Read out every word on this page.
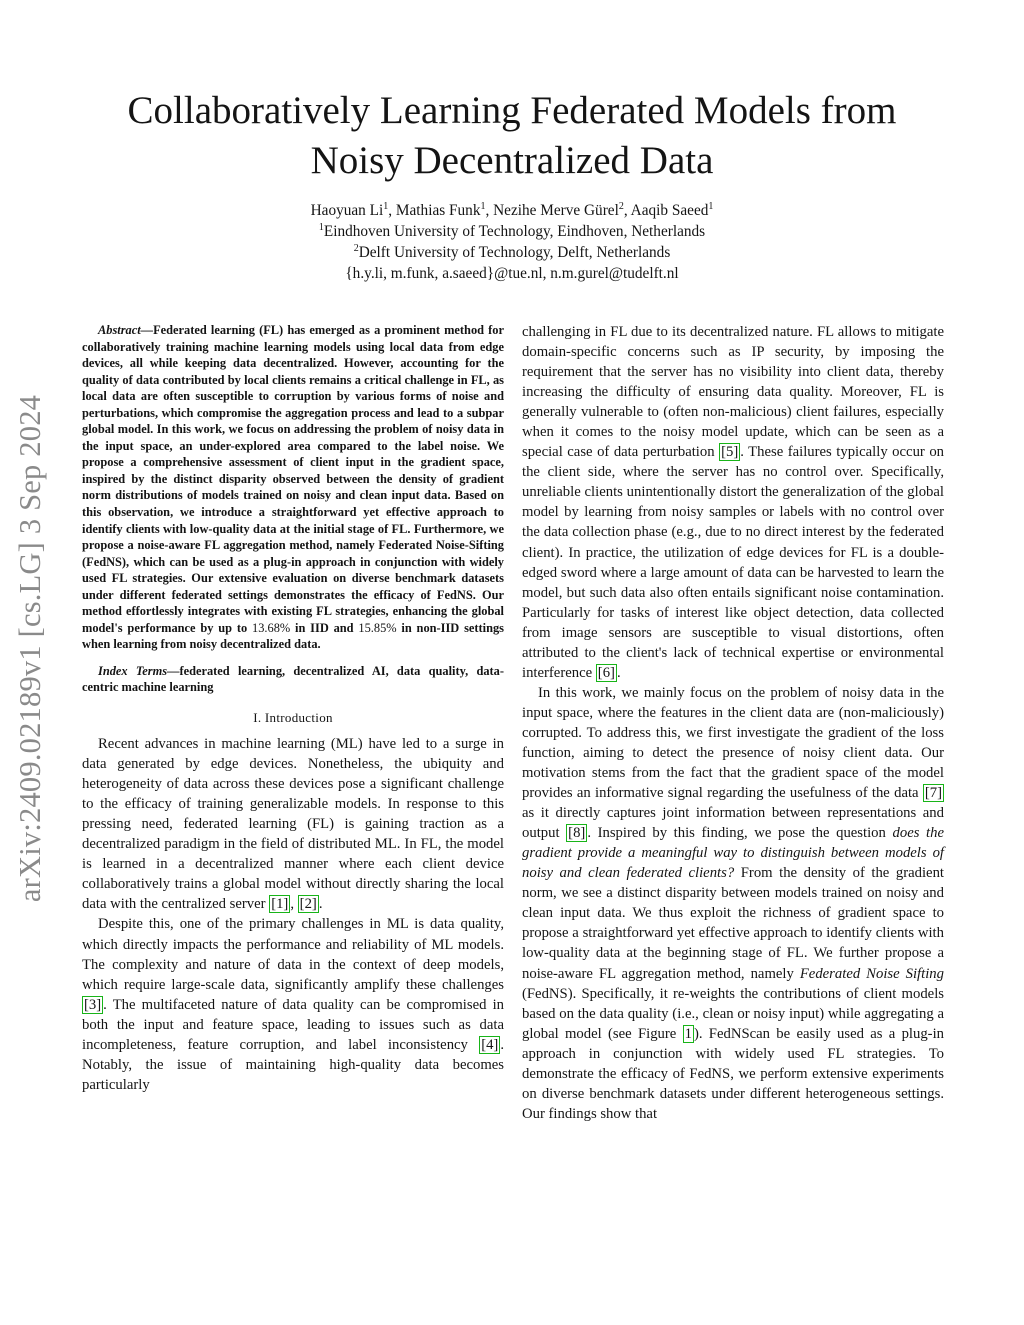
arXiv:2409.02189v1 [cs.LG] 3 Sep 2024
Collaboratively Learning Federated Models from
Noisy Decentralized Data
Haoyuan Li$^1$, Mathias Funk$^1$, Nezihe Merve Gürel$^2$, Aaqib Saeed$^1$
$^1$Eindhoven University of Technology, Eindhoven, Netherlands
$^2$Delft University of Technology, Delft, Netherlands
{h.y.li, m.funk, a.saeed}@tue.nl, n.m.gurel@tudelft.nl

Abstract—Federated learning (FL) has emerged as a prominent method for collaboratively training machine learning models using local data from edge devices, all while keeping data decentralized. However, accounting for the quality of data contributed by local clients remains a critical challenge in FL, as local data are often susceptible to corruption by various forms of noise and perturbations, which compromise the aggregation process and lead to a subpar global model. In this work, we focus on addressing the problem of noisy data in the input space, an under-explored area compared to the label noise. We propose a comprehensive assessment of client input in the gradient space, inspired by the distinct disparity observed between the density of gradient norm distributions of models trained on noisy and clean input data. Based on this observation, we introduce a straightforward yet effective approach to identify clients with low-quality data at the initial stage of FL. Furthermore, we propose a noise-aware FL aggregation method, namely Federated Noise-Sifting (FedNS), which can be used as a plug-in approach in conjunction with widely used FL strategies. Our extensive evaluation on diverse benchmark datasets under different federated settings demonstrates the efficacy of FedNS. Our method effortlessly integrates with existing FL strategies, enhancing the global model's performance by up to 13.68% in IID and 15.85% in non-IID settings when learning from noisy decentralized data.

Index Terms—federated learning, decentralized AI, data quality, data-centric machine learning

I. Introduction

Recent advances in machine learning (ML) have led to a surge in data generated by edge devices. Nonetheless, the ubiquity and heterogeneity of data across these devices pose a significant challenge to the efficacy of training generalizable models. In response to this pressing need, federated learning (FL) is gaining traction as a decentralized paradigm in the field of distributed ML. In FL, the model is learned in a decentralized manner where each client device collaboratively trains a global model without directly sharing the local data with the centralized server [1] , [2] .

Despite this, one of the primary challenges in ML is data quality, which directly impacts the performance and reliability of ML models. The complexity and nature of data in the context of deep models, which require large-scale data, significantly amplify these challenges [3] . The multifaceted nature of data quality can be compromised in both the input and feature space, leading to issues such as data incompleteness, feature corruption, and label inconsistency [4] . Notably, the issue of maintaining high-quality data becomes particularly

challenging in FL due to its decentralized nature. FL allows to mitigate domain-specific concerns such as IP security, by imposing the requirement that the server has no visibility into client data, thereby increasing the difficulty of ensuring data quality. Moreover, FL is generally vulnerable to (often non-malicious) client failures, especially when it comes to the noisy model update, which can be seen as a special case of data perturbation [5] . These failures typically occur on the client side, where the server has no control over. Specifically, unreliable clients unintentionally distort the generalization of the global model by learning from noisy samples or labels with no control over the data collection phase (e.g., due to no direct interest by the federated client). In practice, the utilization of edge devices for FL is a double-edged sword where a large amount of data can be harvested to learn the model, but such data also often entails significant noise contamination. Particularly for tasks of interest like object detection, data collected from image sensors are susceptible to visual distortions, often attributed to the client's lack of technical expertise or environmental interference [6] .

In this work, we mainly focus on the problem of noisy data in the input space, where the features in the client data are (non-maliciously) corrupted. To address this, we first investigate the gradient of the loss function, aiming to detect the presence of noisy client data. Our motivation stems from the fact that the gradient space of the model provides an informative signal regarding the usefulness of the data [7] as it directly captures joint information between representations and output [8] . Inspired by this finding, we pose the question does the gradient provide a meaningful way to distinguish between models of noisy and clean federated clients? From the density of the gradient norm, we see a distinct disparity between models trained on noisy and clean input data. We thus exploit the richness of gradient space to propose a straightforward yet effective approach to identify clients with low-quality data at the beginning stage of FL. We further propose a noise-aware FL aggregation method, namely Federated Noise Sifting (FedNS). Specifically, it re-weights the contributions of client models based on the data quality (i.e., clean or noisy input) while aggregating a global model (see Figure 1 ). FedNScan be easily used as a plug-in approach in conjunction with widely used FL strategies. To demonstrate the efficacy of FedNS, we perform extensive experiments on diverse benchmark datasets under different heterogeneous settings. Our findings show that
